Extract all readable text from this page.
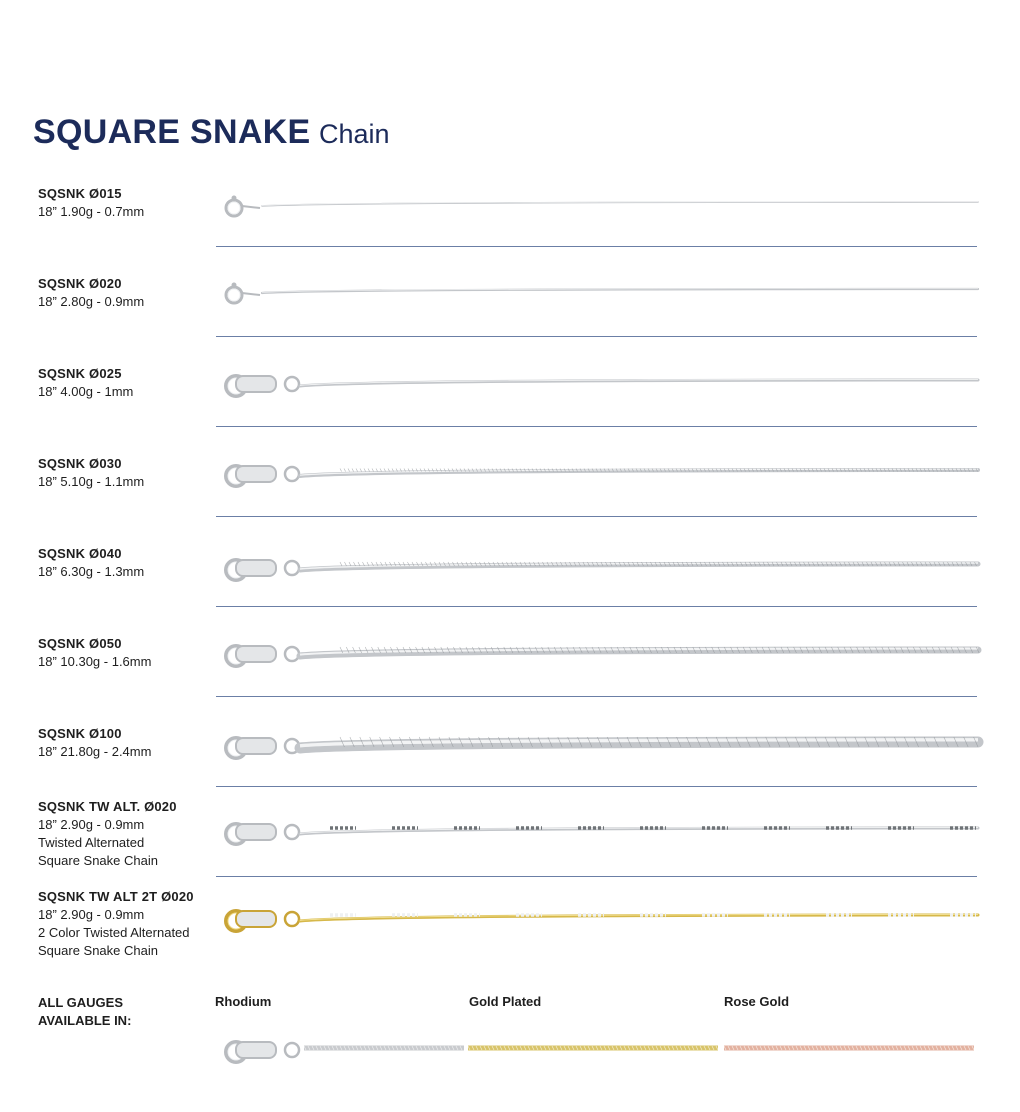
SQUARE SNAKE Chain
SQSNK Ø015
18” 1.90g - 0.7mm
SQSNK Ø020
18” 2.80g - 0.9mm
SQSNK Ø025
18” 4.00g - 1mm
SQSNK Ø030
18” 5.10g - 1.1mm
SQSNK Ø040
18” 6.30g - 1.3mm
SQSNK Ø050
18” 10.30g - 1.6mm
SQSNK Ø100
18” 21.80g - 2.4mm
SQSNK TW ALT. Ø020
18” 2.90g - 0.9mm
Twisted Alternated
Square Snake Chain
SQSNK TW ALT 2T Ø020
18” 2.90g - 0.9mm
2 Color Twisted Alternated
Square Snake Chain
ALL GAUGES
AVAILABLE IN:
Rhodium	Gold Plated	Rose Gold
